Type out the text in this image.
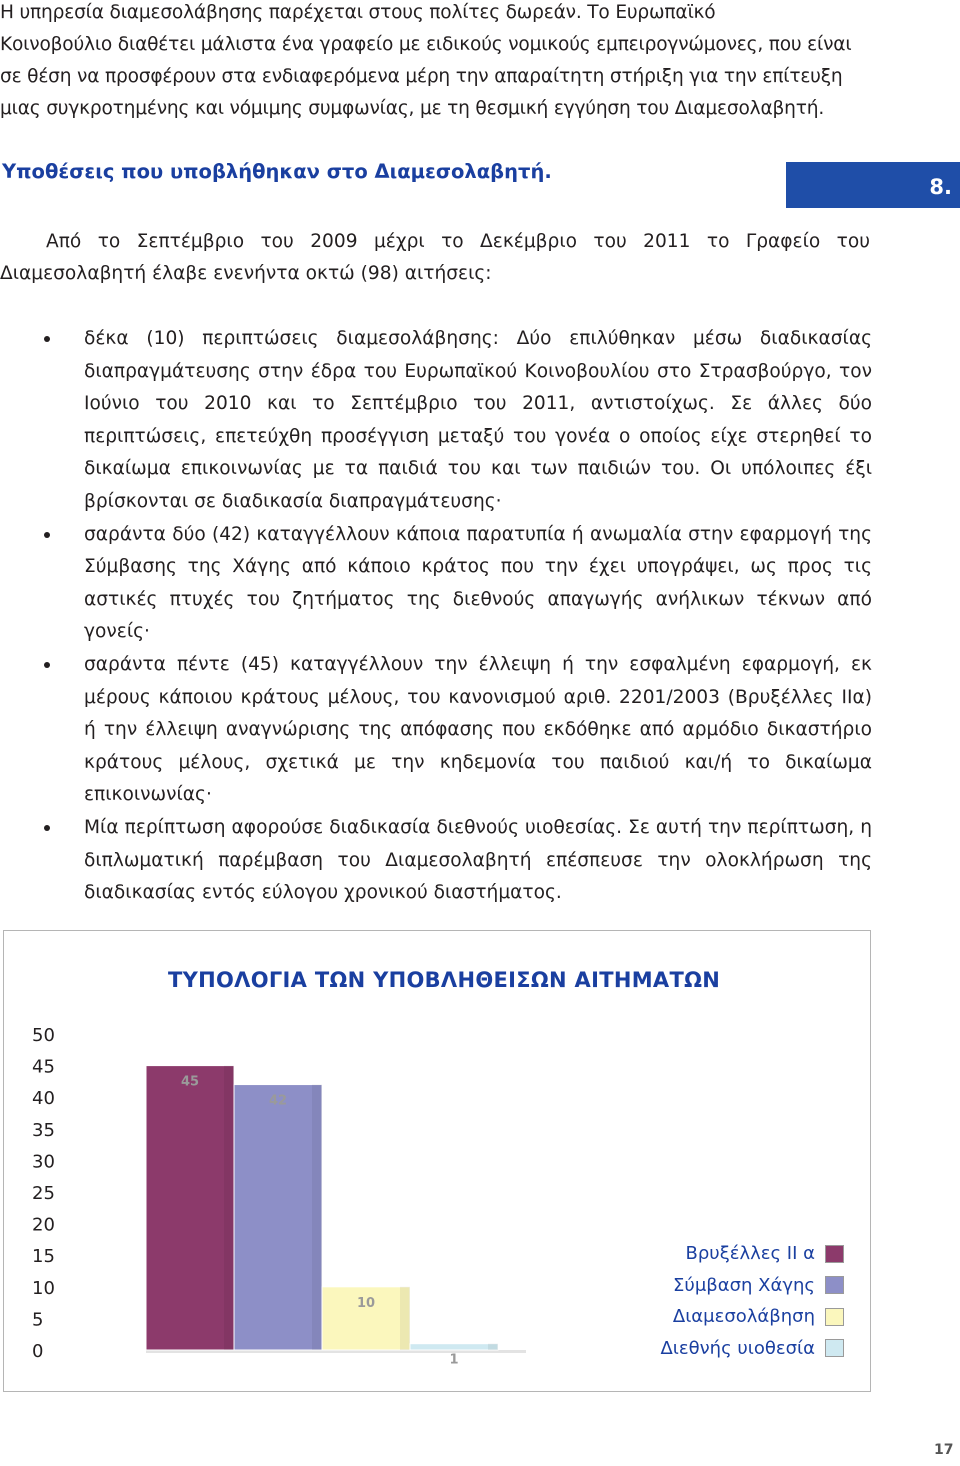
Η υπηρεσία διαμεσολάβησης παρέχεται στους πολίτες δωρεάν. Το Ευρωπαϊκό
Κοινοβούλιο διαθέτει μάλιστα ένα γραφείο με ειδικούς νομικούς εμπειρογνώμονες, που είναι
σε θέση να προσφέρουν στα ενδιαφερόμενα μέρη την απαραίτητη στήριξη για την επίτευξη
μιας συγκροτημένης και νόμιμης συμφωνίας, με τη θεσμική εγγύηση του Διαμεσολαβητή.
Υποθέσεις που υποβλήθηκαν στο Διαμεσολαβητή.
8.
Από το Σεπτέμβριο του 2009 μέχρι το Δεκέμβριο του 2011 το Γραφείο του
Διαμεσολαβητή έλαβε ενενήντα οκτώ (98) αιτήσεις:
δέκα (10) περιπτώσεις διαμεσολάβησης: Δύο επιλύθηκαν μέσω διαδικασίας διαπραγμάτευσης στην έδρα του Ευρωπαϊκού Κοινοβουλίου στο Στρασβούργο, τον Ιούνιο του 2010 και το Σεπτέμβριο του 2011, αντιστοίχως. Σε άλλες δύο περιπτώσεις, επετεύχθη προσέγγιση μεταξύ του γονέα ο οποίος είχε στερηθεί το δικαίωμα επικοινωνίας με τα παιδιά του και των παιδιών του. Οι υπόλοιπες έξι βρίσκονται σε διαδικασία διαπραγμάτευσης·
σαράντα δύο (42) καταγγέλλουν κάποια παρατυπία ή ανωμαλία στην εφαρμογή της Σύμβασης της Χάγης από κάποιο κράτος που την έχει υπογράψει, ως προς τις αστικές πτυχές του ζητήματος της διεθνούς απαγωγής ανήλικων τέκνων από γονείς·
σαράντα πέντε (45) καταγγέλλουν την έλλειψη ή την εσφαλμένη εφαρμογή, εκ μέρους κάποιου κράτους μέλους, του κανονισμού αριθ. 2201/2003 (Βρυξέλλες ΙΙα) ή την έλλειψη αναγνώρισης της απόφασης που εκδόθηκε από αρμόδιο δικαστήριο κράτους μέλους, σχετικά με την κηδεμονία του παιδιού και/ή το δικαίωμα επικοινωνίας·
Μία περίπτωση αφορούσε διαδικασία διεθνούς υιοθεσίας. Σε αυτή την περίπτωση, η διπλωματική παρέμβαση του Διαμεσολαβητή επέσπευσε την ολοκλήρωση της διαδικασίας εντός εύλογου χρονικού διαστήματος.
ΤΥΠΟΛΟΓΙΑ ΤΩΝ ΥΠΟΒΛΗΘΕΙΣΩΝ ΑΙΤΗΜΑΤΩΝ
0
5
10
15
20
25
30
35
40
45
50
45
42
10
1
Βρυξέλλες ΙΙ α
Σύμβαση Χάγης
Διαμεσολάβηση
Διεθνής υιοθεσία
17
